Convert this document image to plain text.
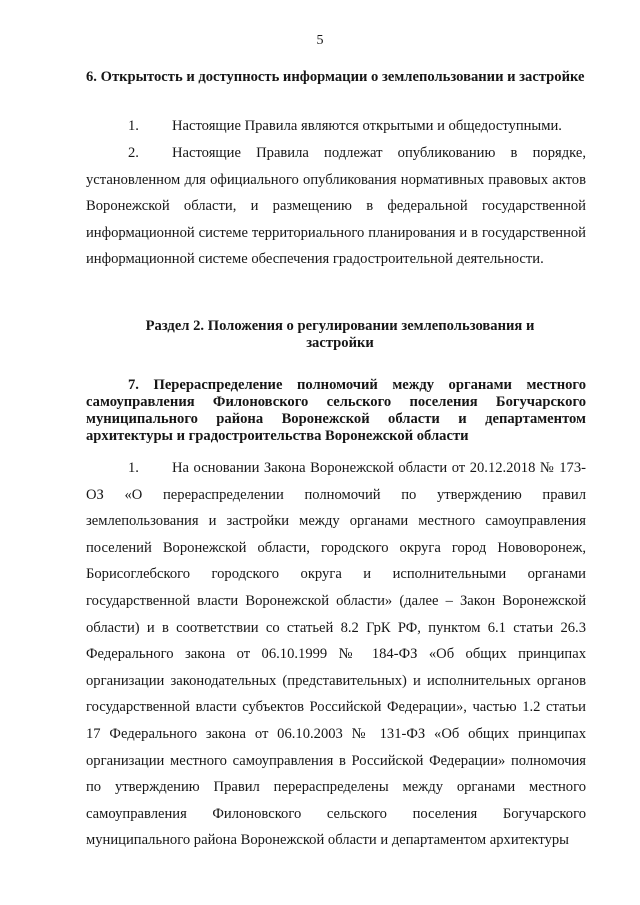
5
6. Открытость и доступность информации о землепользовании и застройке
1. Настоящие Правила являются открытыми и общедоступными.
2. Настоящие Правила подлежат опубликованию в порядке, установленном для официального опубликования нормативных правовых актов Воронежской области, и размещению в федеральной государственной информационной системе территориального планирования и в государственной информационной системе обеспечения градостроительной деятельности.
Раздел 2. Положения о регулировании землепользования и застройки
7. Перераспределение полномочий между органами местного самоуправления Филоновского сельского поселения Богучарского муниципального района Воронежской области и департаментом архитектуры и градостроительства Воронежской области
1. На основании Закона Воронежской области от 20.12.2018 № 173-ОЗ «О перераспределении полномочий по утверждению правил землепользования и застройки между органами местного самоуправления поселений Воронежской области, городского округа город Нововоронеж, Борисоглебского городского округа и исполнительными органами государственной власти Воронежской области» (далее – Закон Воронежской области) и в соответствии со статьей 8.2 ГрК РФ, пунктом 6.1 статьи 26.3 Федерального закона от 06.10.1999 № 184-ФЗ «Об общих принципах организации законодательных (представительных) и исполнительных органов государственной власти субъектов Российской Федерации», частью 1.2 статьи 17 Федерального закона от 06.10.2003 № 131-ФЗ «Об общих принципах организации местного самоуправления в Российской Федерации» полномочия по утверждению Правил перераспределены между органами местного самоуправления Филоновского сельского поселения Богучарского муниципального района Воронежской области и департаментом архитектуры
